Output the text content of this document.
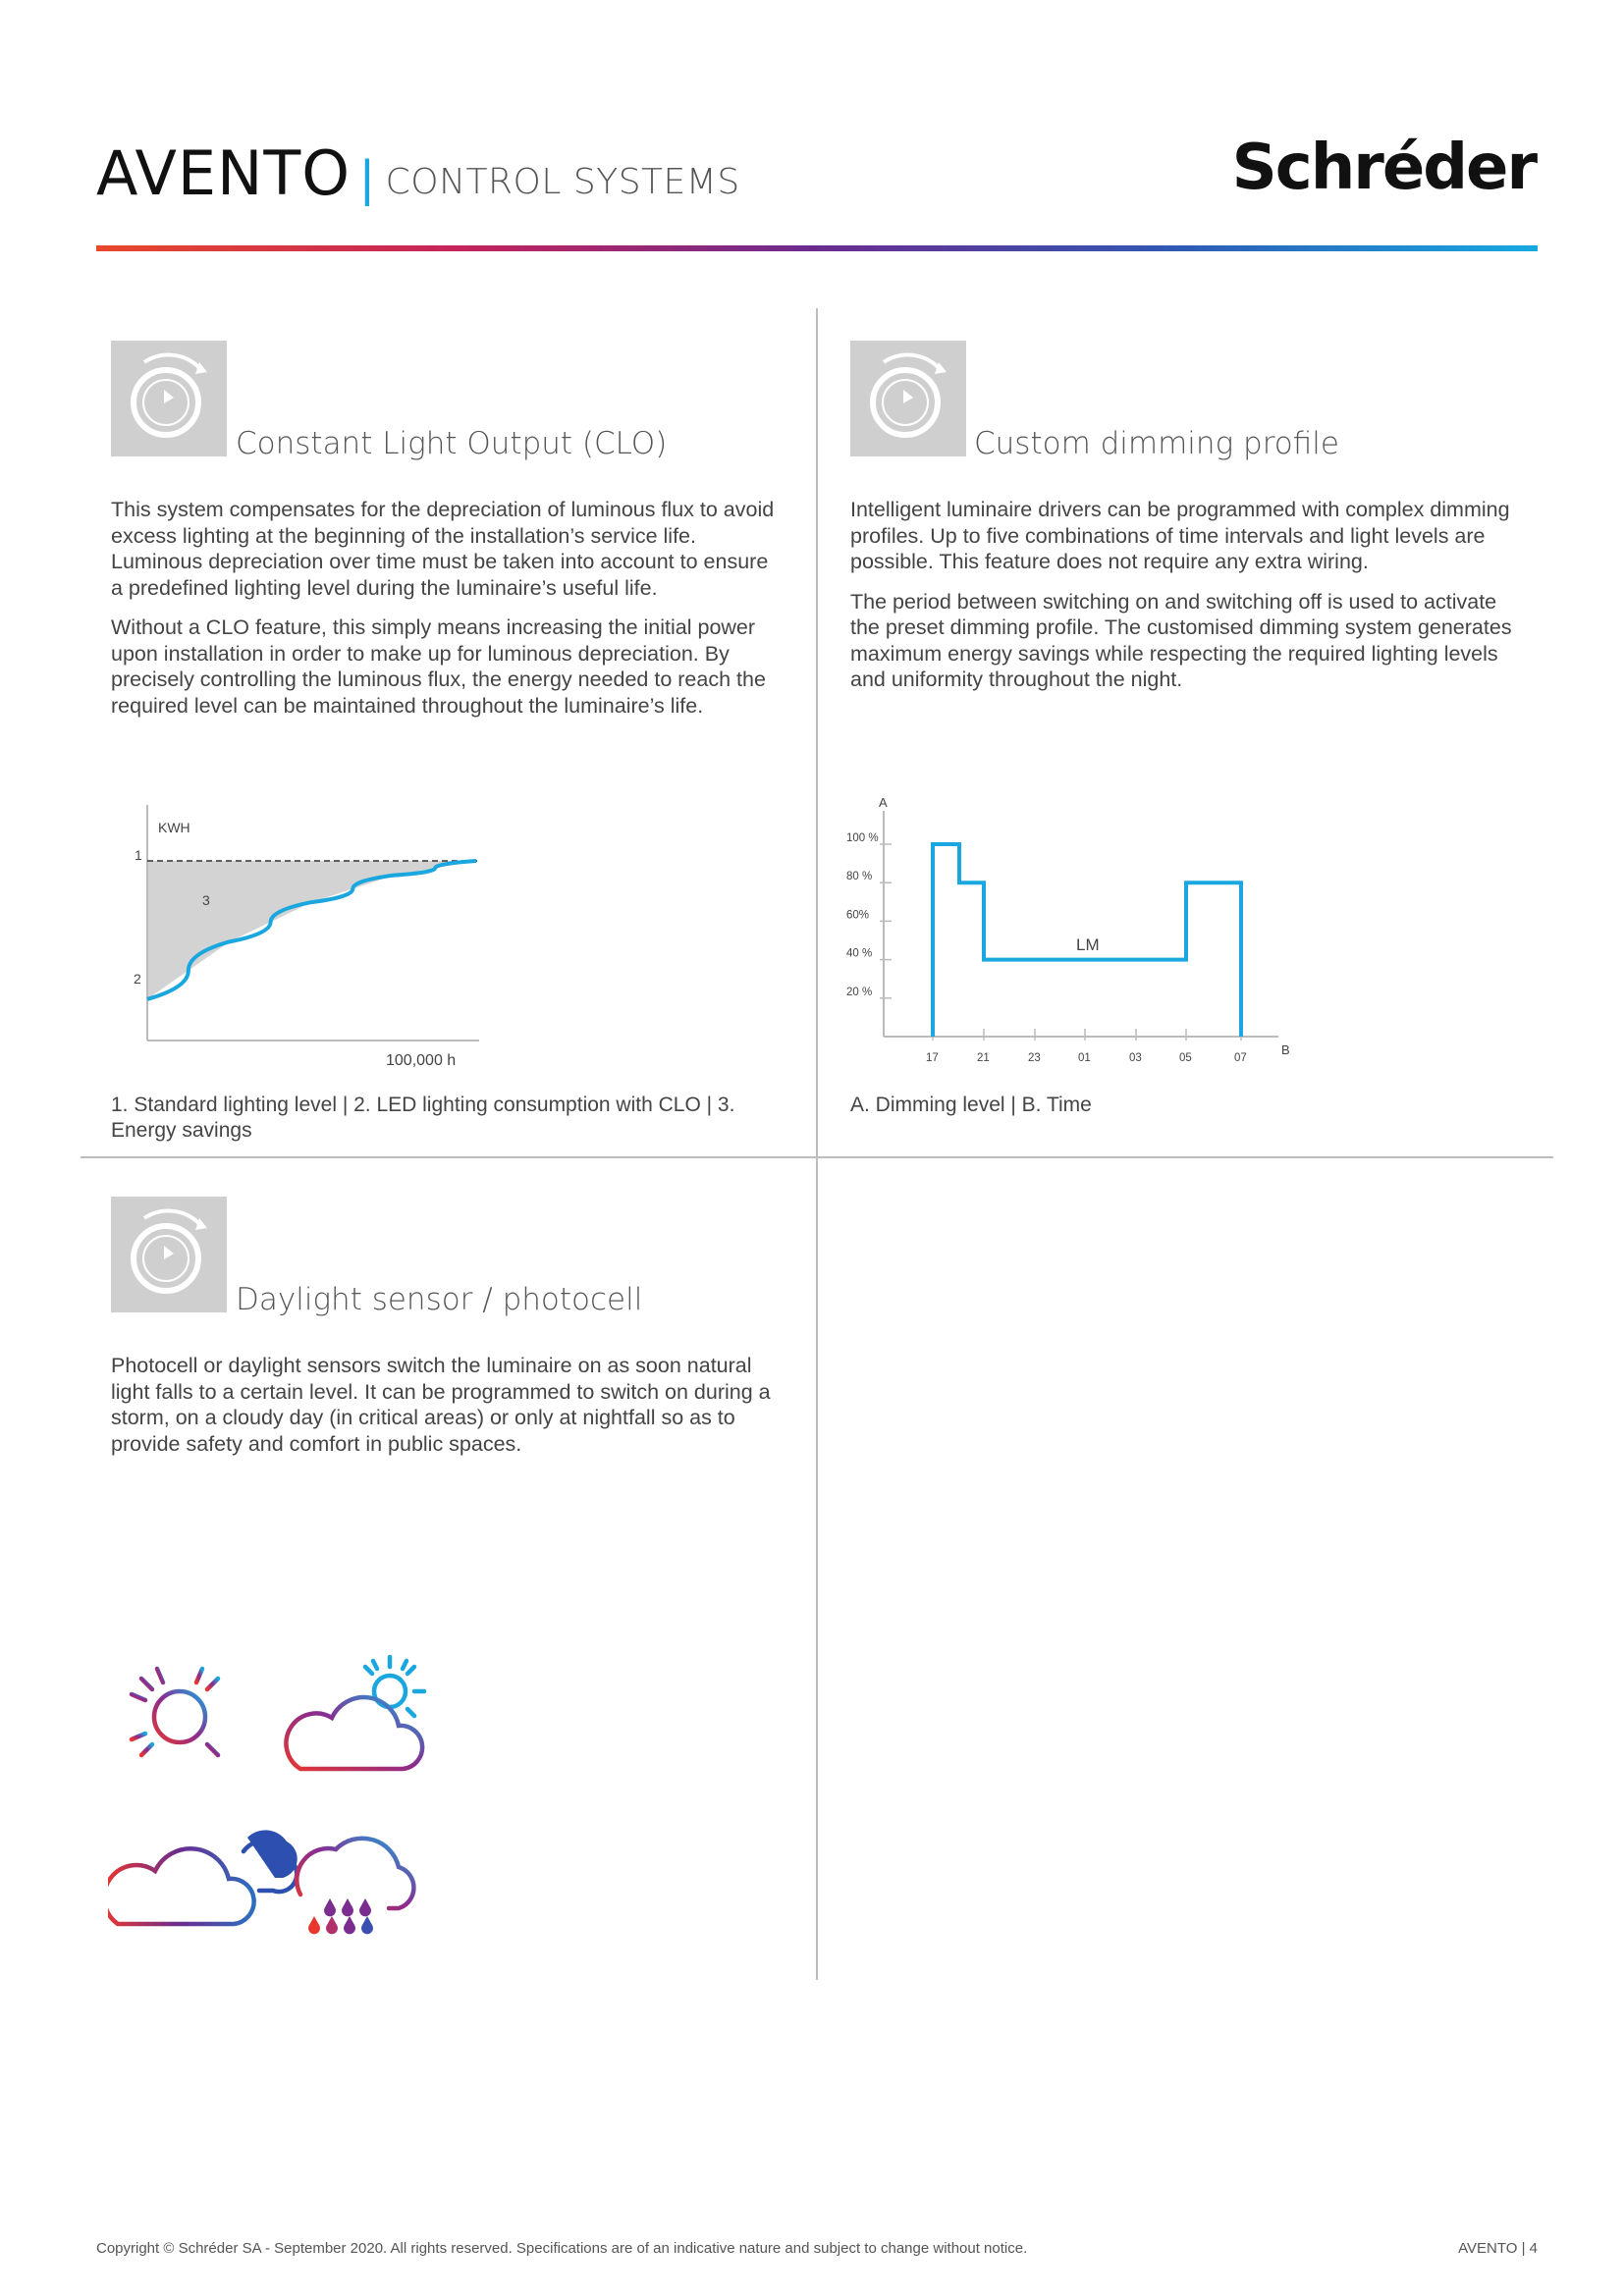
AVENTO | CONTROL SYSTEMS	Schréder
Constant Light Output (CLO)

This system compensates for the depreciation of luminous flux to avoid excess lighting at the beginning of the installation’s service life. Luminous depreciation over time must be taken into account to ensure a predefined lighting level during the luminaire’s useful life.

Without a CLO feature, this simply means increasing the initial power upon installation in order to make up for luminous depreciation. By precisely controlling the luminous flux, the energy needed to reach the required level can be maintained throughout the luminaire’s life.

KWH
1
2
3
100,000 h
1. Standard lighting level | 2. LED lighting consumption with CLO | 3. Energy savings
Custom dimming profile

Intelligent luminaire drivers can be programmed with complex dimming profiles. Up to five combinations of time intervals and light levels are possible. This feature does not require any extra wiring.

The period between switching on and switching off is used to activate the preset dimming profile. The customised dimming system generates maximum energy savings while respecting the required lighting levels and uniformity throughout the night.

A
B
100 %
80 %
60%
40 %
20 %
17	21	23	01	03	05	07
LM
A. Dimming level | B. Time
Daylight sensor / photocell

Photocell or daylight sensors switch the luminaire on as soon natural light falls to a certain level. It can be programmed to switch on during a storm, on a cloudy day (in critical areas) or only at nightfall so as to provide safety and comfort in public spaces.

Copyright © Schréder SA - September 2020. All rights reserved. Specifications are of an indicative nature and subject to change without notice.	AVENTO | 4
